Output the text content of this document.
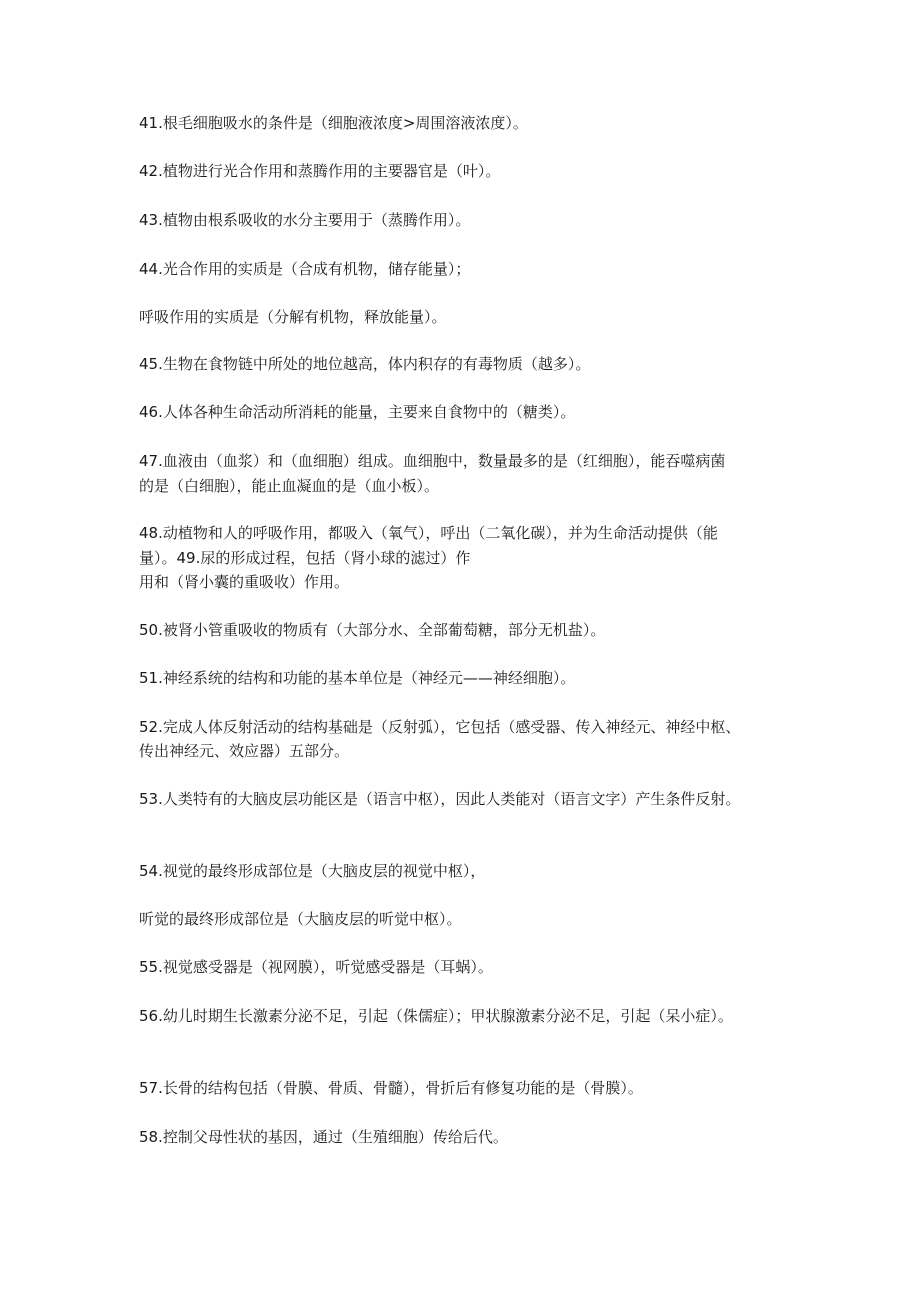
41.根毛细胞吸水的条件是（细胞液浓度>周围溶液浓度）。
42.植物进行光合作用和蒸腾作用的主要器官是（叶）。
43.植物由根系吸收的水分主要用于（蒸腾作用）。
44.光合作用的实质是（合成有机物，储存能量）；
呼吸作用的实质是（分解有机物，释放能量）。
45.生物在食物链中所处的地位越高，体内积存的有毒物质（越多）。
46.人体各种生命活动所消耗的能量，主要来自食物中的（糖类）。
47.血液由（血浆）和（血细胞）组成。血细胞中，数量最多的是（红细胞），能吞噬病菌
的是（白细胞），能止血凝血的是（血小板）。
48.动植物和人的呼吸作用，都吸入（氧气），呼出（二氧化碳），并为生命活动提供（能
量）。49.尿的形成过程，包括（肾小球的滤过）作
用和（肾小囊的重吸收）作用。
50.被肾小管重吸收的物质有（大部分水、全部葡萄糖，部分无机盐）。
51.神经系统的结构和功能的基本单位是（神经元——神经细胞）。
52.完成人体反射活动的结构基础是（反射弧），它包括（感受器、传入神经元、神经中枢、
传出神经元、效应器）五部分。
53.人类特有的大脑皮层功能区是（语言中枢），因此人类能对（语言文字）产生条件反射。
54.视觉的最终形成部位是（大脑皮层的视觉中枢），
听觉的最终形成部位是（大脑皮层的听觉中枢）。
55.视觉感受器是（视网膜），听觉感受器是（耳蜗）。
56.幼儿时期生长激素分泌不足，引起（侏儒症）；甲状腺激素分泌不足，引起（呆小症）。
57.长骨的结构包括（骨膜、骨质、骨髓），骨折后有修复功能的是（骨膜）。
58.控制父母性状的基因，通过（生殖细胞）传给后代。
